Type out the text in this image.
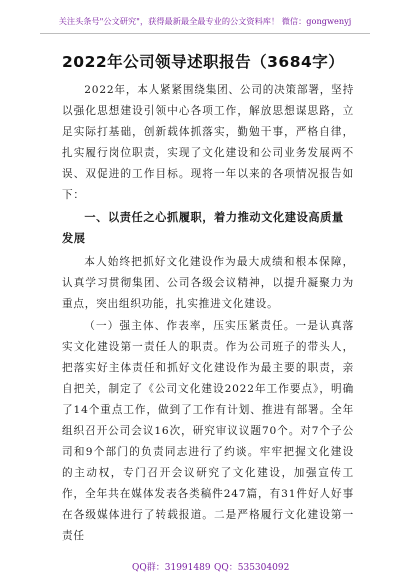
关注头条号"公文研究"，获得最新最全最专业的公文资料库！ 微信：gongwenyj
2022年公司领导述职报告（3684字）
2022年，本人紧紧围绕集团、公司的决策部署，坚持以强化思想建设引领中心各项工作，解放思想谋思路，立足实际打基础，创新载体抓落实，勤勉干事，严格自律，扎实履行岗位职责，实现了文化建设和公司业务发展两不误、双促进的工作目标。现将一年以来的各项情况报告如下：
一、以责任之心抓履职，着力推动文化建设高质量发展
本人始终把抓好文化建设作为最大成绩和根本保障，认真学习贯彻集团、公司各级会议精神，以提升凝聚力为重点，突出组织功能，扎实推进文化建设。
（一）强主体、作表率，压实压紧责任。一是认真落实文化建设第一责任人的职责。作为公司班子的带头人，把落实好主体责任和抓好文化建设作为最主要的职责，亲自把关，制定了《公司文化建设2022年工作要点》，明确了14个重点工作，做到了工作有计划、推进有部署。全年组织召开公司会议16次，研究审议议题70个。对7个子公司和9个部门的负责同志进行了约谈。牢牢把握文化建设的主动权，专门召开会议研究了文化建设，加强宣传工作，全年共在媒体发表各类稿件247篇，有31件好人好事在各级媒体进行了转载报道。二是严格履行文化建设第一责任
QQ群：31991489 QQ：535304092
